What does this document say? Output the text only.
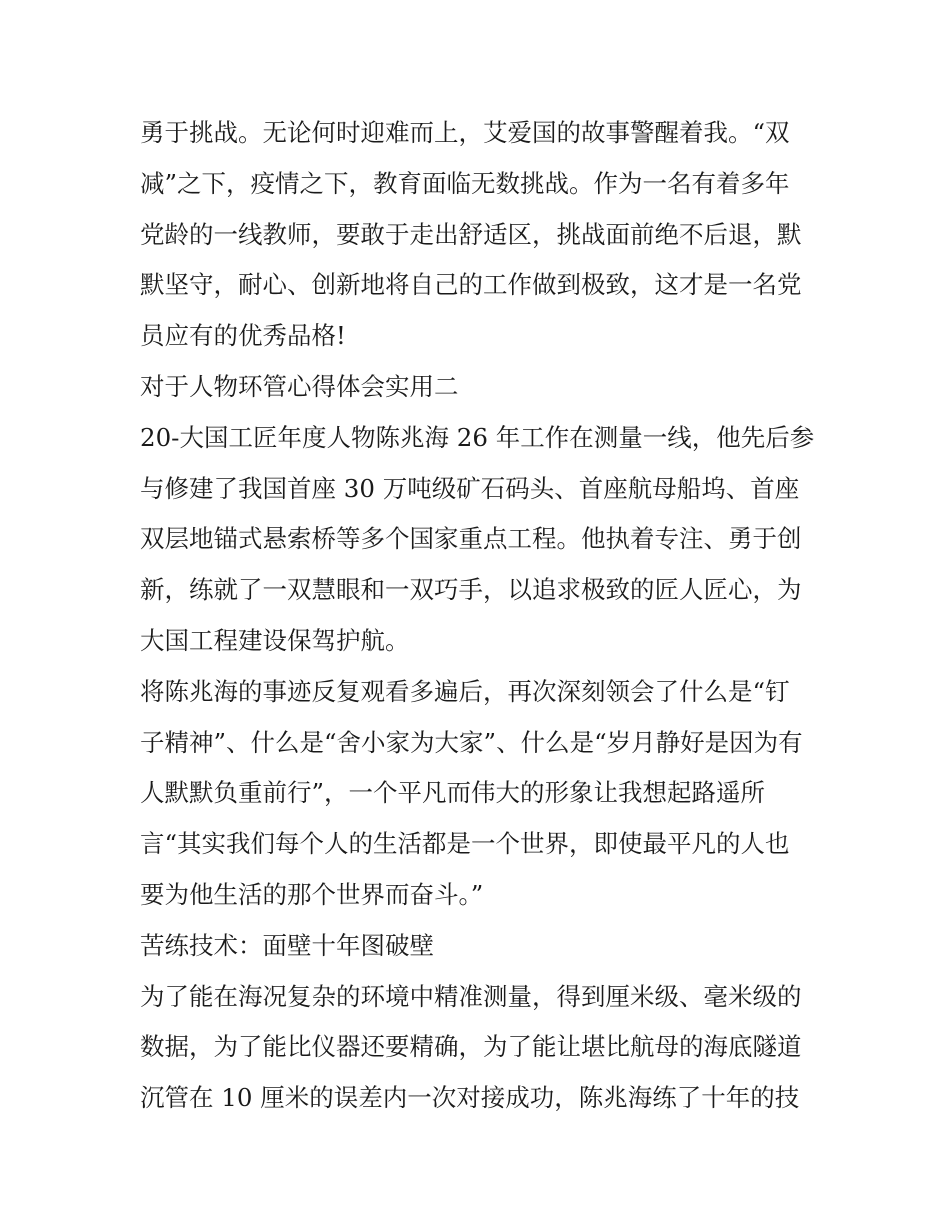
勇于挑战。无论何时迎难而上，艾爱国的故事警醒着我。“双
减”之下，疫情之下，教育面临无数挑战。作为一名有着多年
党龄的一线教师，要敢于走出舒适区，挑战面前绝不后退，默
默坚守，耐心、创新地将自己的工作做到极致，这才是一名党
员应有的优秀品格!

对于人物环管心得体会实用二

20-大国工匠年度人物陈兆海 26 年工作在测量一线，他先后参
与修建了我国首座 30 万吨级矿石码头、首座航母船坞、首座
双层地锚式悬索桥等多个国家重点工程。他执着专注、勇于创
新，练就了一双慧眼和一双巧手，以追求极致的匠人匠心，为
大国工程建设保驾护航。

将陈兆海的事迹反复观看多遍后，再次深刻领会了什么是“钉
子精神”、什么是“舍小家为大家”、什么是“岁月静好是因为有
人默默负重前行”，一个平凡而伟大的形象让我想起路遥所
言“其实我们每个人的生活都是一个世界，即使最平凡的人也
要为他生活的那个世界而奋斗。”

苦练技术：面壁十年图破壁

为了能在海况复杂的环境中精准测量，得到厘米级、毫米级的
数据，为了能比仪器还要精确，为了能让堪比航母的海底隧道
沉管在 10 厘米的误差内一次对接成功，陈兆海练了十年的技
